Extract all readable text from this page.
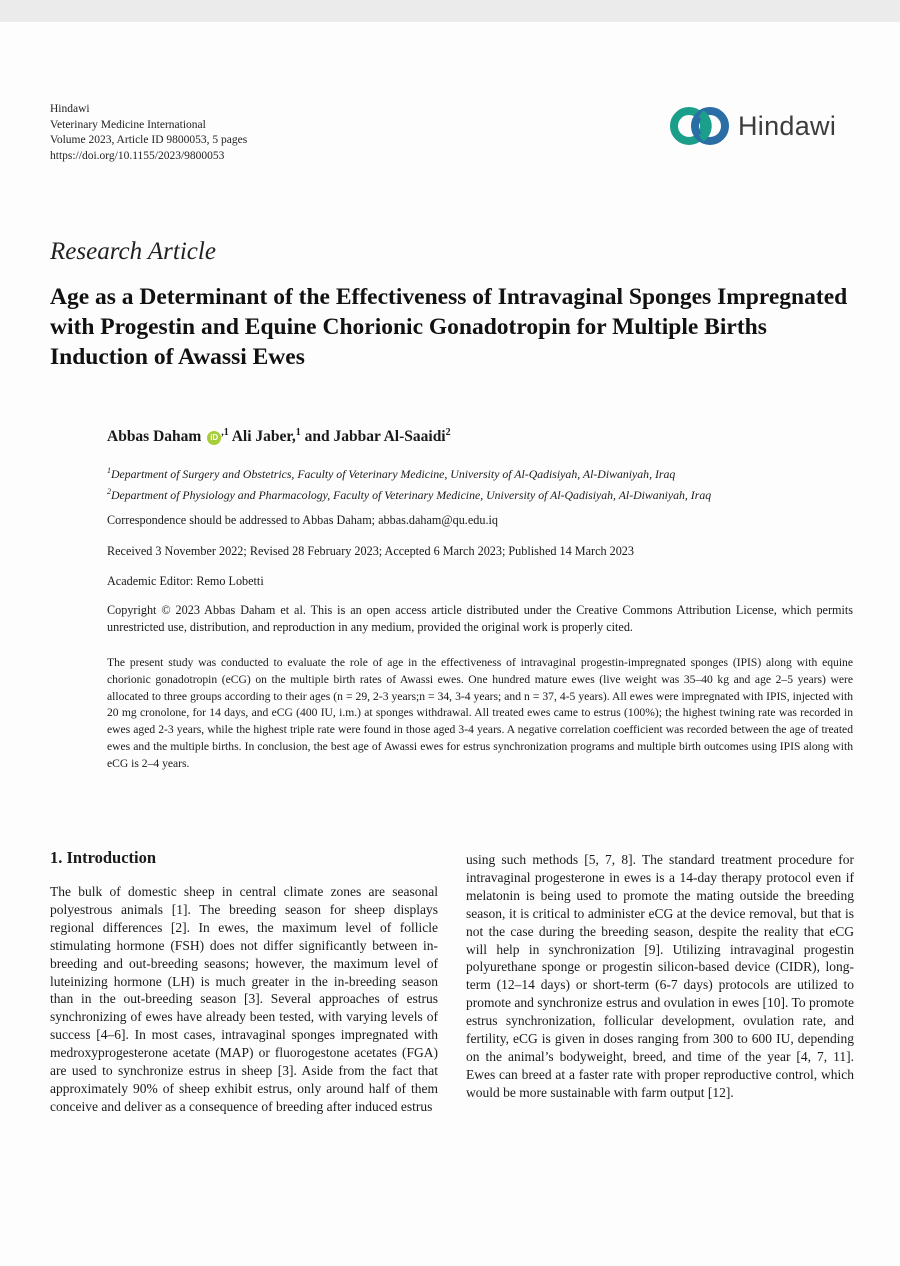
Hindawi
Veterinary Medicine International
Volume 2023, Article ID 9800053, 5 pages
https://doi.org/10.1155/2023/9800053
Hindawi
Research Article
Age as a Determinant of the Effectiveness of Intravaginal Sponges Impregnated with Progestin and Equine Chorionic Gonadotropin for Multiple Births Induction of Awassi Ewes
Abbas Daham iD $^{,1}$ Ali Jaber,$^1$ and Jabbar Al-Saaidi$^2$
$^1$Department of Surgery and Obstetrics, Faculty of Veterinary Medicine, University of Al-Qadisiyah, Al-Diwaniyah, Iraq
$^2$Department of Physiology and Pharmacology, Faculty of Veterinary Medicine, University of Al-Qadisiyah, Al-Diwaniyah, Iraq
Correspondence should be addressed to Abbas Daham; abbas.daham@qu.edu.iq
Received 3 November 2022; Revised 28 February 2023; Accepted 6 March 2023; Published 14 March 2023
Academic Editor: Remo Lobetti
Copyright © 2023 Abbas Daham et al. This is an open access article distributed under the Creative Commons Attribution License, which permits unrestricted use, distribution, and reproduction in any medium, provided the original work is properly cited.
The present study was conducted to evaluate the role of age in the effectiveness of intravaginal progestin-impregnated sponges (IPIS) along with equine chorionic gonadotropin (eCG) on the multiple birth rates of Awassi ewes. One hundred mature ewes (live weight was 35–40 kg and age 2–5 years) were allocated to three groups according to their ages (n = 29, 2-3 years;n = 34, 3-4 years; and n = 37, 4-5 years). All ewes were impregnated with IPIS, injected with 20 mg cronolone, for 14 days, and eCG (400 IU, i.m.) at sponges withdrawal. All treated ewes came to estrus (100%); the highest twining rate was recorded in ewes aged 2-3 years, while the highest triple rate were found in those aged 3-4 years. A negative correlation coefficient was recorded between the age of treated ewes and the multiple births. In conclusion, the best age of Awassi ewes for estrus synchronization programs and multiple birth outcomes using IPIS along with eCG is 2–4 years.
1. Introduction
The bulk of domestic sheep in central climate zones are seasonal polyestrous animals [1]. The breeding season for sheep displays regional differences [2]. In ewes, the maximum level of follicle stimulating hormone (FSH) does not differ significantly between in-breeding and out-breeding seasons; however, the maximum level of luteinizing hormone (LH) is much greater in the in-breeding season than in the out-breeding season [3]. Several approaches of estrus synchronizing of ewes have already been tested, with varying levels of success [4–6]. In most cases, intravaginal sponges impregnated with medroxyprogesterone acetate (MAP) or fluorogestone acetates (FGA) are used to synchronize estrus in sheep [3]. Aside from the fact that approximately 90% of sheep exhibit estrus, only around half of them conceive and deliver as a consequence of breeding after induced estrus
using such methods [5, 7, 8]. The standard treatment procedure for intravaginal progesterone in ewes is a 14-day therapy protocol even if melatonin is being used to promote the mating outside the breeding season, it is critical to administer eCG at the device removal, but that is not the case during the breeding season, despite the reality that eCG will help in synchronization [9]. Utilizing intravaginal progestin polyurethane sponge or progestin silicon-based device (CIDR), long-term (12–14 days) or short-term (6-7 days) protocols are utilized to promote and synchronize estrus and ovulation in ewes [10]. To promote estrus synchronization, follicular development, ovulation rate, and fertility, eCG is given in doses ranging from 300 to 600 IU, depending on the animal’s bodyweight, breed, and time of the year [4, 7, 11]. Ewes can breed at a faster rate with proper reproductive control, which would be more sustainable with farm output [12].
